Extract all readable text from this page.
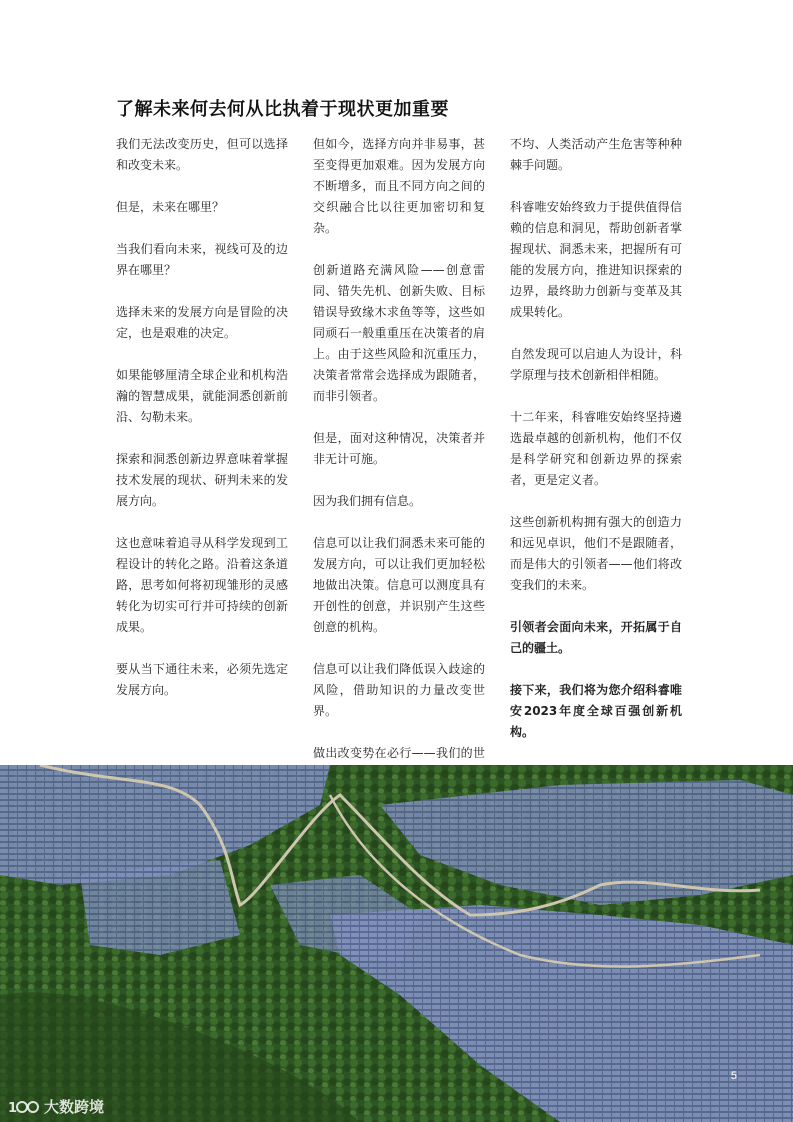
了解未来何去何从比执着于现状更加重要

我们无法改变历史，但可以选择和改变未来。

但是，未来在哪里？

当我们看向未来，视线可及的边界在哪里？

选择未来的发展方向是冒险的决定，也是艰难的决定。

如果能够厘清全球企业和机构浩瀚的智慧成果，就能洞悉创新前沿、勾勒未来。

探索和洞悉创新边界意味着掌握技术发展的现状、研判未来的发展方向。

这也意味着追寻从科学发现到工程设计的转化之路。沿着这条道路，思考如何将初现雏形的灵感转化为切实可行并可持续的创新成果。

要从当下通往未来，必须先选定发展方向。

但如今，选择方向并非易事，甚至变得更加艰难。因为发展方向不断增多，而且不同方向之间的交织融合比以往更加密切和复杂。

创新道路充满风险——创意雷同、错失先机、创新失败、目标错误导致缘木求鱼等等，这些如同顽石一般重重压在决策者的肩上。由于这些风险和沉重压力，决策者常常会选择成为跟随者，而非引领者。

但是，面对这种情况，决策者并非无计可施。

因为我们拥有信息。

信息可以让我们洞悉未来可能的发展方向，可以让我们更加轻松地做出决策。信息可以测度具有开创性的创意，并识别产生这些创意的机构。

信息可以让我们降低误入歧途的风险，借助知识的力量改变世界。

做出改变势在必行——我们的世

不均、人类活动产生危害等种种棘手问题。

科睿唯安始终致力于提供值得信赖的信息和洞见，帮助创新者掌握现状、洞悉未来，把握所有可能的发展方向，推进知识探索的边界，最终助力创新与变革及其成果转化。

自然发现可以启迪人为设计，科学原理与技术创新相伴相随。

十二年来，科睿唯安始终坚持遴选最卓越的创新机构，他们不仅是科学研究和创新边界的探索者，更是定义者。

这些创新机构拥有强大的创造力和远见卓识，他们不是跟随者，而是伟大的引领者——他们将改变我们的未来。

引领者会面向未来，开拓属于自己的疆土。

接下来，我们将为您介绍科睿唯安2023年度全球百强创新机构。

5
1 大数跨境
